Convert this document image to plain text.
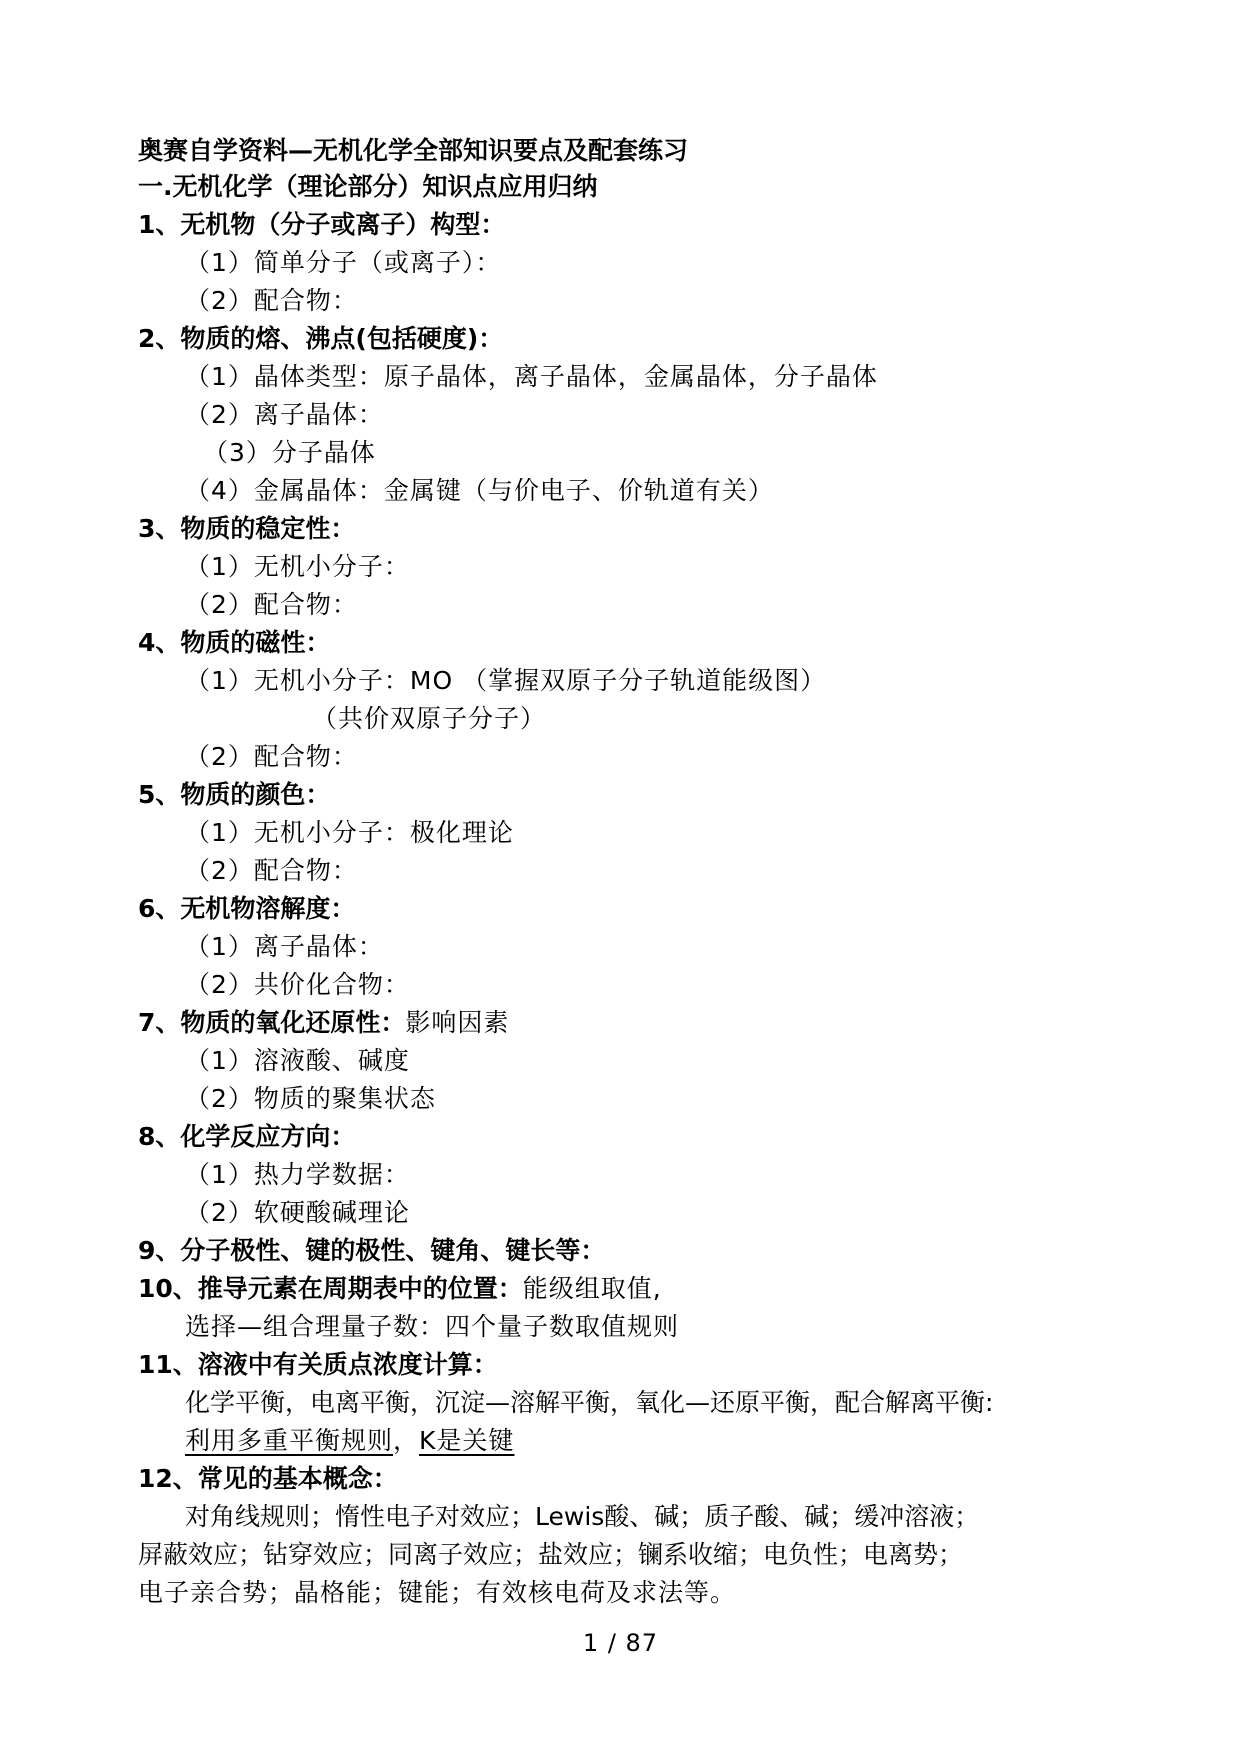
奥赛自学资料—无机化学全部知识要点及配套练习
一.无机化学（理论部分）知识点应用归纳
1、无机物（分子或离子）构型：
（1）简单分子（或离子）：
（2）配合物：
2、物质的熔、沸点(包括硬度)：
（1）晶体类型：原子晶体，离子晶体，金属晶体，分子晶体
（2）离子晶体：
（3）分子晶体
（4）金属晶体：金属键（与价电子、价轨道有关）
3、物质的稳定性：
（1）无机小分子：
（2）配合物：
4、物质的磁性：
（1）无机小分子：MO （掌握双原子分子轨道能级图）
（共价双原子分子）
（2）配合物：
5、物质的颜色：
（1）无机小分子：极化理论
（2）配合物：
6、无机物溶解度：
（1）离子晶体：
（2）共价化合物：
7、物质的氧化还原性：影响因素
（1）溶液酸、碱度
（2）物质的聚集状态
8、化学反应方向：
（1）热力学数据：
（2）软硬酸碱理论
9、分子极性、键的极性、键角、键长等：
10、推导元素在周期表中的位置：能级组取值,
选择—组合理量子数：四个量子数取值规则
11、溶液中有关质点浓度计算：
化学平衡，电离平衡，沉淀—溶解平衡，氧化—还原平衡，配合解离平衡:
利用多重平衡规则，K是关键
12、常见的基本概念：
对角线规则；惰性电子对效应；Lewis酸、碱；质子酸、碱；缓冲溶液；
屏蔽效应；钻穿效应；同离子效应；盐效应；镧系收缩；电负性；电离势；
电子亲合势；晶格能；键能；有效核电荷及求法等。
1 / 87
